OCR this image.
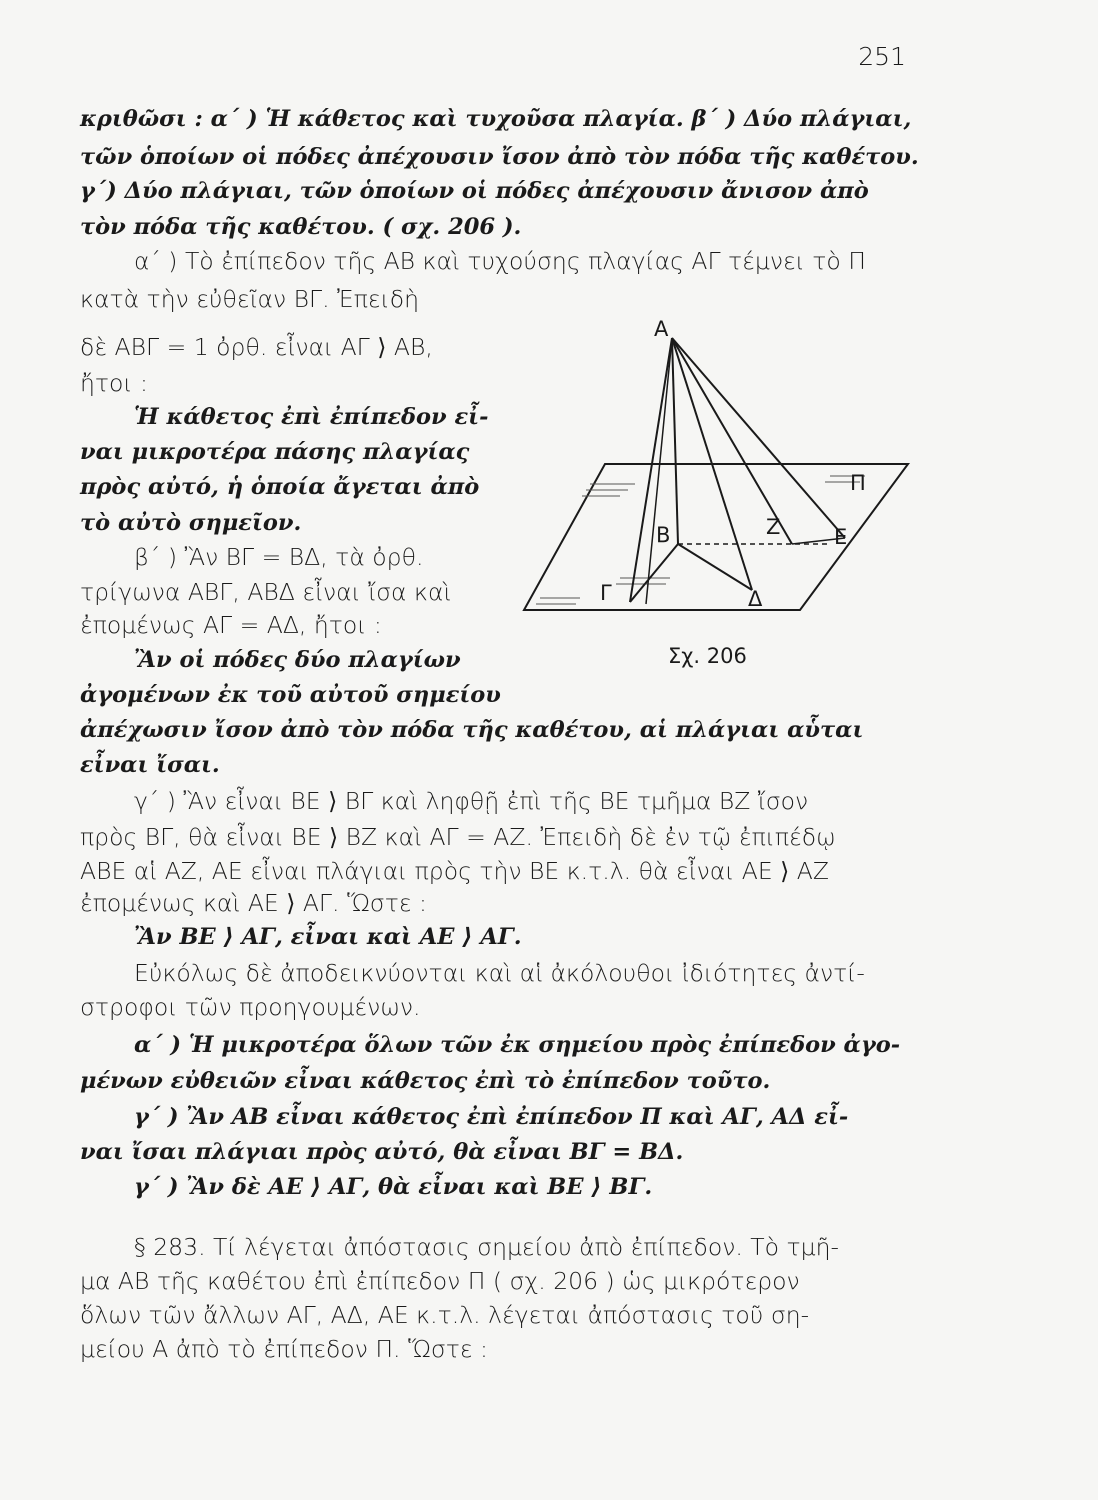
251
κριθῶσι : α΄ ) Ἡ κάθετος καὶ τυχοῦσα πλαγία. β΄ ) Δύο πλάγιαι,
τῶν ὁποίων οἱ πόδες ἀπέχουσιν ἴσον ἀπὸ τὸν πόδα τῆς καθέτου.
γ΄) Δύο πλάγιαι, τῶν ὁποίων οἱ πόδες ἀπέχουσιν ἄνισον ἀπὸ
τὸν πόδα τῆς καθέτου. ( σχ. 206 ).
α΄ ) Τὸ ἐπίπεδον τῆς ΑΒ καὶ τυχούσης πλαγίας ΑΓ τέμνει τὸ Π
κατὰ τὴν εὐθεῖαν ΒΓ. Ἐπειδὴ
δὲ ΑΒΓ = 1 ὀρθ. εἶναι ΑΓ ⟩ ΑΒ,
ἤτοι :
Ἡ κάθετος ἐπὶ ἐπίπεδον εἶ-
ναι μικροτέρα πάσης πλαγίας
πρὸς αὐτό, ἡ ὁποία ἄγεται ἀπὸ
τὸ αὐτὸ σημεῖον.
β΄ ) Ἂν ΒΓ = ΒΔ, τὰ ὀρθ.
τρίγωνα ΑΒΓ, ΑΒΔ εἶναι ἴσα καὶ
ἐπομένως ΑΓ = ΑΔ, ἤτοι :
Ἂν οἱ πόδες δύο πλαγίων
ἀγομένων ἐκ τοῦ αὐτοῦ σημείου
ἀπέχωσιν ἴσον ἀπὸ τὸν πόδα τῆς καθέτου, αἱ πλάγιαι αὗται
εἶναι ἴσαι.
γ΄ ) Ἂν εἶναι ΒΕ ⟩ ΒΓ καὶ ληφθῇ ἐπὶ τῆς ΒΕ τμῆμα ΒΖ ἴσον
πρὸς ΒΓ, θὰ εἶναι ΒΕ ⟩ ΒΖ καὶ ΑΓ = ΑΖ. Ἐπειδὴ δὲ ἐν τῷ ἐπιπέδῳ
ΑΒΕ αἱ ΑΖ, ΑΕ εἶναι πλάγιαι πρὸς τὴν ΒΕ κ.τ.λ. θὰ εἶναι ΑΕ ⟩ ΑΖ
ἐπομένως καὶ ΑΕ ⟩ ΑΓ. Ὥστε :
Ἂν ΒΕ ⟩ ΑΓ, εἶναι καὶ ΑΕ ⟩ ΑΓ.
Εὐκόλως δὲ ἀποδεικνύονται καὶ αἱ ἀκόλουθοι ἰδιότητες ἀντί-
στροφοι τῶν προηγουμένων.
α΄ ) Ἡ μικροτέρα ὅλων τῶν ἐκ σημείου πρὸς ἐπίπεδον ἀγο-
μένων εὐθειῶν εἶναι κάθετος ἐπὶ τὸ ἐπίπεδον τοῦτο.
γ΄ ) Ἂν ΑΒ εἶναι κάθετος ἐπὶ ἐπίπεδον Π καὶ ΑΓ, ΑΔ εἶ-
ναι ἴσαι πλάγιαι πρὸς αὐτό, θὰ εἶναι ΒΓ = ΒΔ.
γ΄ ) Ἂν δὲ ΑΕ ⟩ ΑΓ, θὰ εἶναι καὶ ΒΕ ⟩ ΒΓ.
§ 283. Τί λέγεται ἀπόστασις σημείου ἀπὸ ἐπίπεδον. Τὸ τμῆ-
μα ΑΒ τῆς καθέτου ἐπὶ ἐπίπεδον Π ( σχ. 206 ) ὡς μικρότερον
ὅλων τῶν ἄλλων ΑΓ, ΑΔ, ΑΕ κ.τ.λ. λέγεται ἀπόστασις τοῦ ση-
μείου Α ἀπὸ τὸ ἐπίπεδον Π. Ὥστε :
Α
Β
Γ	Δ
Ζ	Ε
Π
Σχ. 206
